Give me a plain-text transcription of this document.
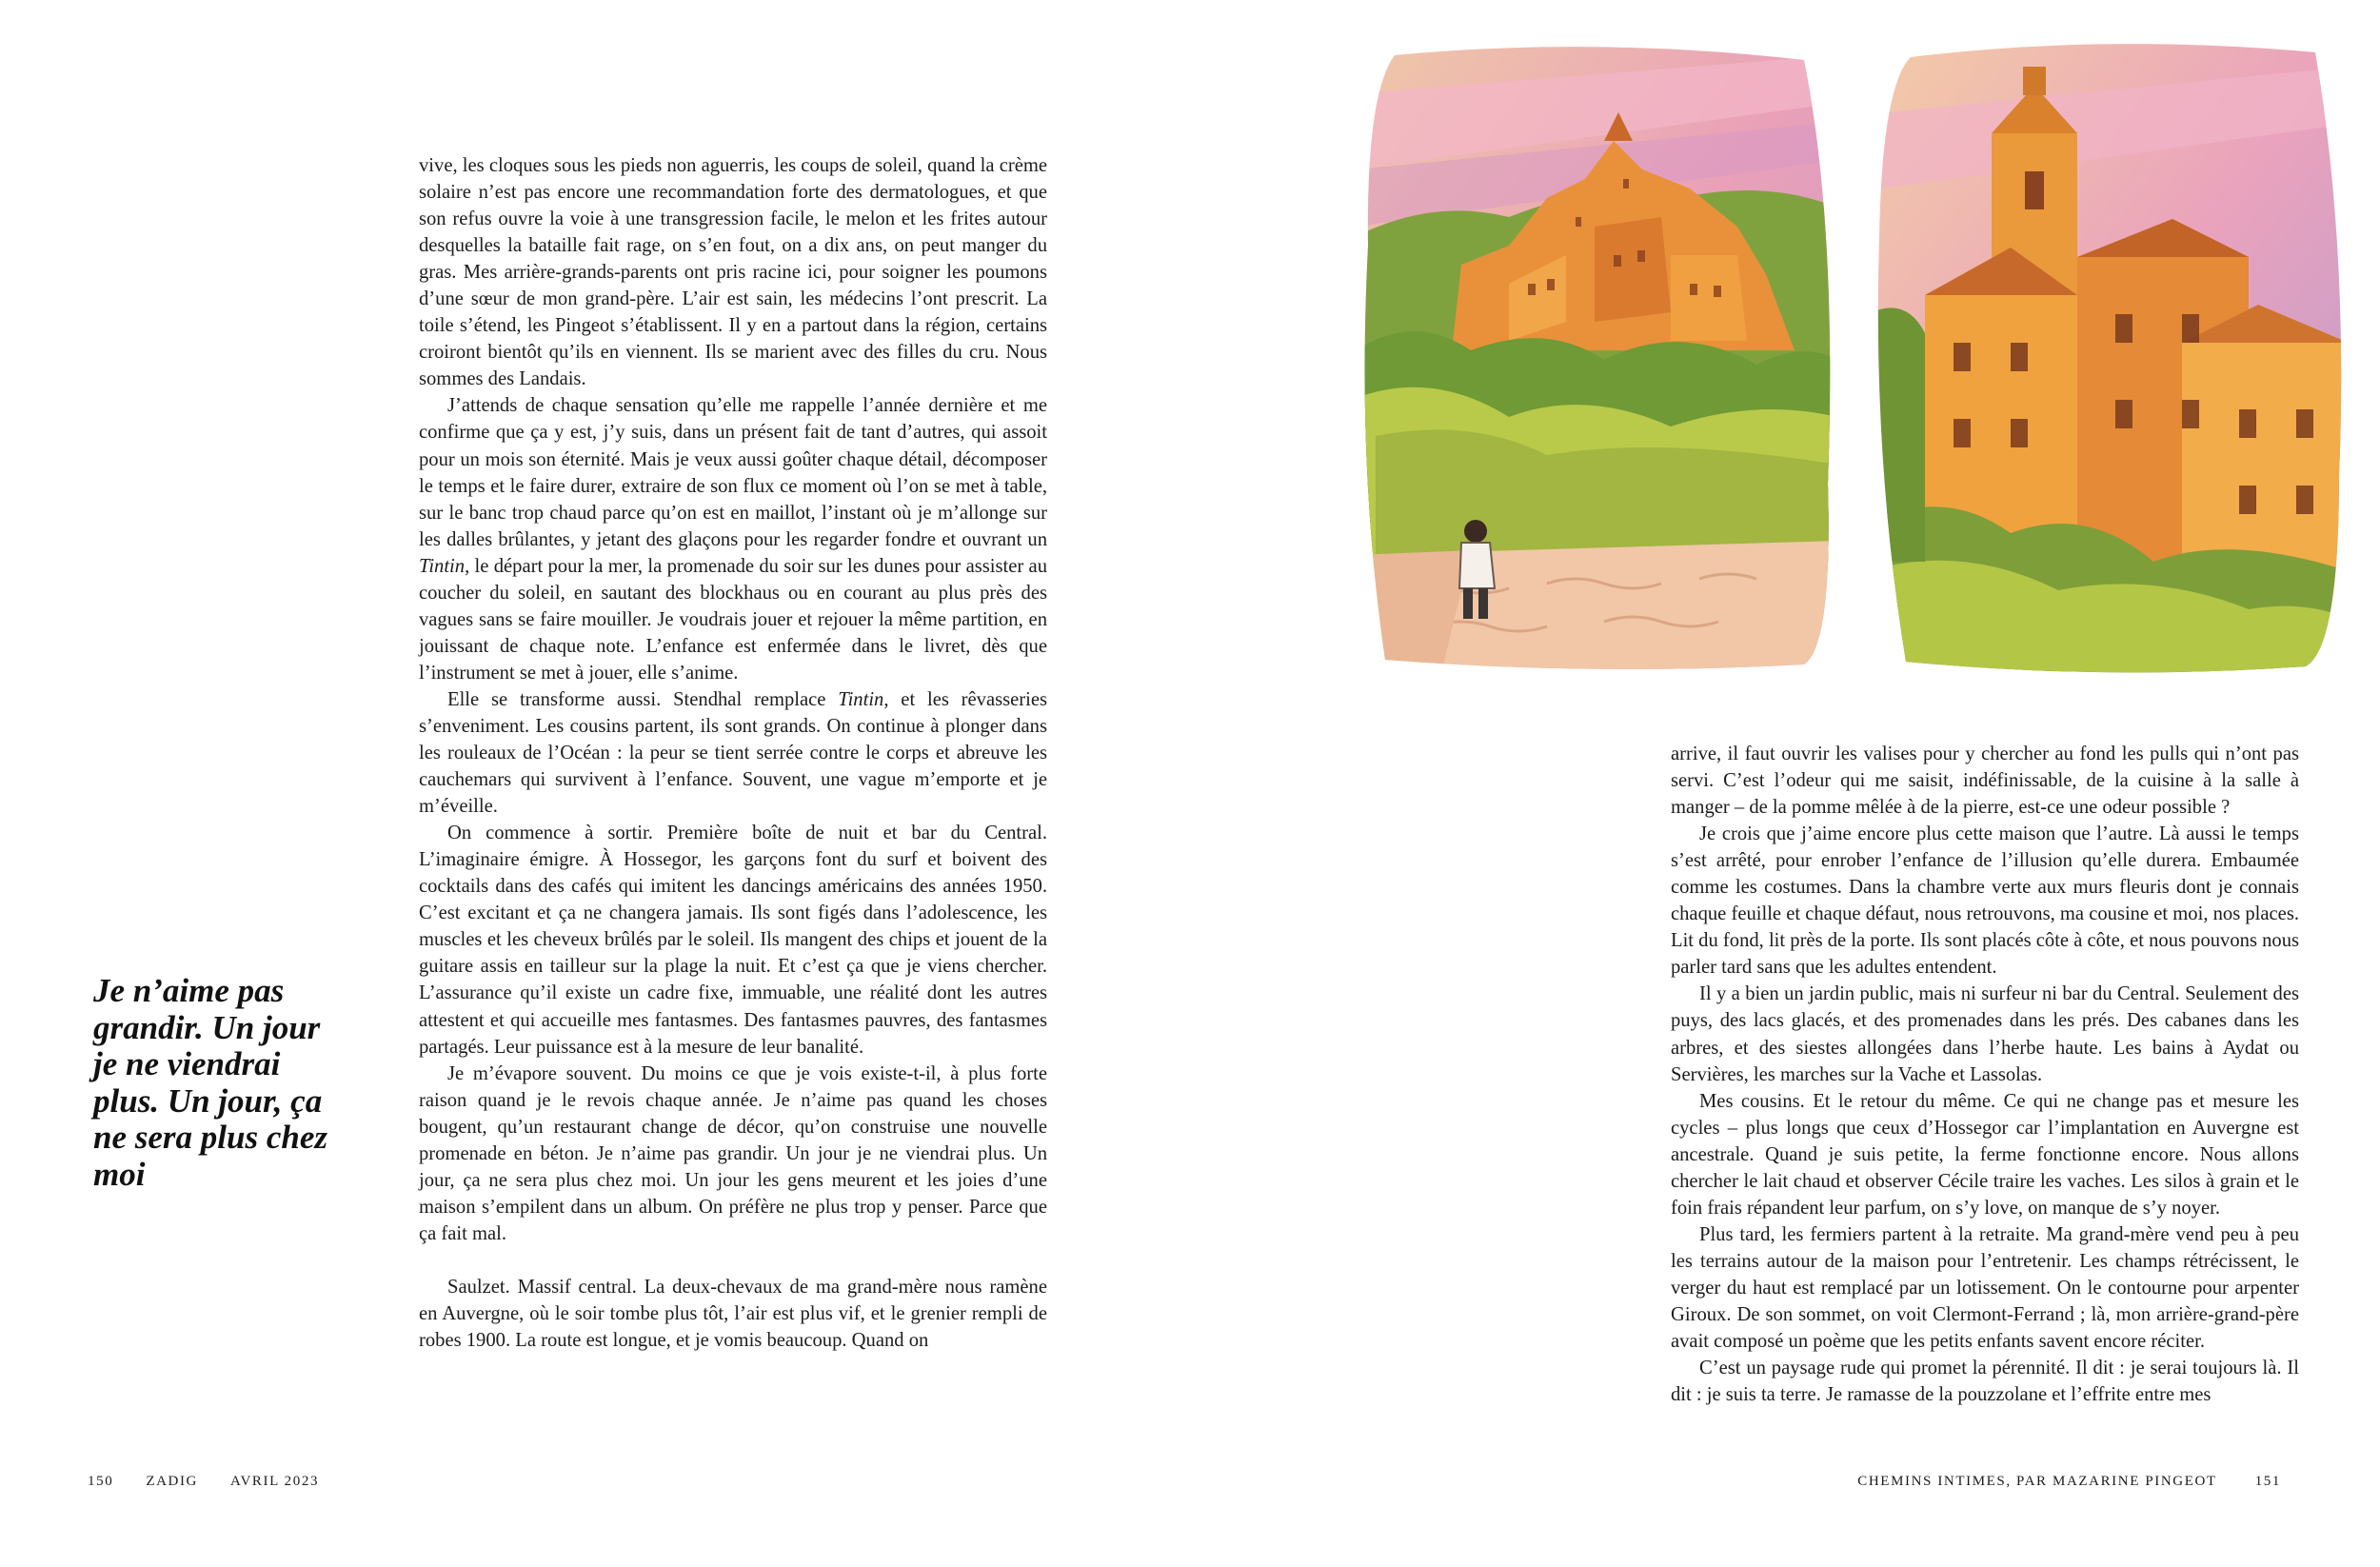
vive, les cloques sous les pieds non aguerris, les coups de soleil, quand la crème solaire n’est pas encore une recommandation forte des dermatologues, et que son refus ouvre la voie à une transgression facile, le melon et les frites autour desquelles la bataille fait rage, on s’en fout, on a dix ans, on peut manger du gras. Mes arrière-grands-parents ont pris racine ici, pour soigner les poumons d’une sœur de mon grand-père. L’air est sain, les médecins l’ont prescrit. La toile s’étend, les Pingeot s’établissent. Il y en a partout dans la région, certains croiront bientôt qu’ils en viennent. Ils se marient avec des filles du cru. Nous sommes des Landais.

J’attends de chaque sensation qu’elle me rappelle l’année dernière et me confirme que ça y est, j’y suis, dans un présent fait de tant d’autres, qui assoit pour un mois son éternité. Mais je veux aussi goûter chaque détail, décomposer le temps et le faire durer, extraire de son flux ce moment où l’on se met à table, sur le banc trop chaud parce qu’on est en maillot, l’instant où je m’allonge sur les dalles brûlantes, y jetant des glaçons pour les regarder fondre et ouvrant un Tintin, le départ pour la mer, la promenade du soir sur les dunes pour assister au coucher du soleil, en sautant des blockhaus ou en courant au plus près des vagues sans se faire mouiller. Je voudrais jouer et rejouer la même partition, en jouissant de chaque note. L’enfance est enfermée dans le livret, dès que l’instrument se met à jouer, elle s’anime.

Elle se transforme aussi. Stendhal remplace Tintin, et les rêvasseries s’enveniment. Les cousins partent, ils sont grands. On continue à plonger dans les rouleaux de l’Océan : la peur se tient serrée contre le corps et abreuve les cauchemars qui survivent à l’enfance. Souvent, une vague m’emporte et je m’éveille.

On commence à sortir. Première boîte de nuit et bar du Central. L’imaginaire émigre. À Hossegor, les garçons font du surf et boivent des cocktails dans des cafés qui imitent les dancings américains des années 1950. C’est excitant et ça ne changera jamais. Ils sont figés dans l’adolescence, les muscles et les cheveux brûlés par le soleil. Ils mangent des chips et jouent de la guitare assis en tailleur sur la plage la nuit. Et c’est ça que je viens chercher. L’assurance qu’il existe un cadre fixe, immuable, une réalité dont les autres attestent et qui accueille mes fantasmes. Des fantasmes pauvres, des fantasmes partagés. Leur puissance est à la mesure de leur banalité.

Je m’évapore souvent. Du moins ce que je vois existe-t-il, à plus forte raison quand je le revois chaque année. Je n’aime pas quand les choses bougent, qu’un restaurant change de décor, qu’on construise une nouvelle promenade en béton. Je n’aime pas grandir. Un jour je ne viendrai plus. Un jour, ça ne sera plus chez moi. Un jour les gens meurent et les joies d’une maison s’empilent dans un album. On préfère ne plus trop y penser. Parce que ça fait mal.

Saulzet. Massif central. La deux-chevaux de ma grand-mère nous ramène en Auvergne, où le soir tombe plus tôt, l’air est plus vif, et le grenier rempli de robes 1900. La route est longue, et je vomis beaucoup. Quand on

Je n’aime pas grandir. Un jour je ne viendrai plus. Un jour, ça ne sera plus chez moi
150 ZADIG AVRIL 2023

arrive, il faut ouvrir les valises pour y chercher au fond les pulls qui n’ont pas servi. C’est l’odeur qui me saisit, indéfinissable, de la cuisine à la salle à manger – de la pomme mêlée à de la pierre, est-ce une odeur possible ?

Je crois que j’aime encore plus cette maison que l’autre. Là aussi le temps s’est arrêté, pour enrober l’enfance de l’illusion qu’elle durera. Embaumée comme les costumes. Dans la chambre verte aux murs fleuris dont je connais chaque feuille et chaque défaut, nous retrouvons, ma cousine et moi, nos places. Lit du fond, lit près de la porte. Ils sont placés côte à côte, et nous pouvons nous parler tard sans que les adultes entendent.

Il y a bien un jardin public, mais ni surfeur ni bar du Central. Seulement des puys, des lacs glacés, et des promenades dans les prés. Des cabanes dans les arbres, et des siestes allongées dans l’herbe haute. Les bains à Aydat ou Servières, les marches sur la Vache et Lassolas.

Mes cousins. Et le retour du même. Ce qui ne change pas et mesure les cycles – plus longs que ceux d’Hossegor car l’implantation en Auvergne est ancestrale. Quand je suis petite, la ferme fonctionne encore. Nous allons chercher le lait chaud et observer Cécile traire les vaches. Les silos à grain et le foin frais répandent leur parfum, on s’y love, on manque de s’y noyer.

Plus tard, les fermiers partent à la retraite. Ma grand-mère vend peu à peu les terrains autour de la maison pour l’entretenir. Les champs rétrécissent, le verger du haut est remplacé par un lotissement. On le contourne pour arpenter Giroux. De son sommet, on voit Clermont-Ferrand ; là, mon arrière-grand-père avait composé un poème que les petits enfants savent encore réciter.

C’est un paysage rude qui promet la pérennité. Il dit : je serai toujours là. Il dit : je suis ta terre. Je ramasse de la pouzzolane et l’effrite entre mes

CHEMINS INTIMES, PAR MAZARINE PINGEOT	151
